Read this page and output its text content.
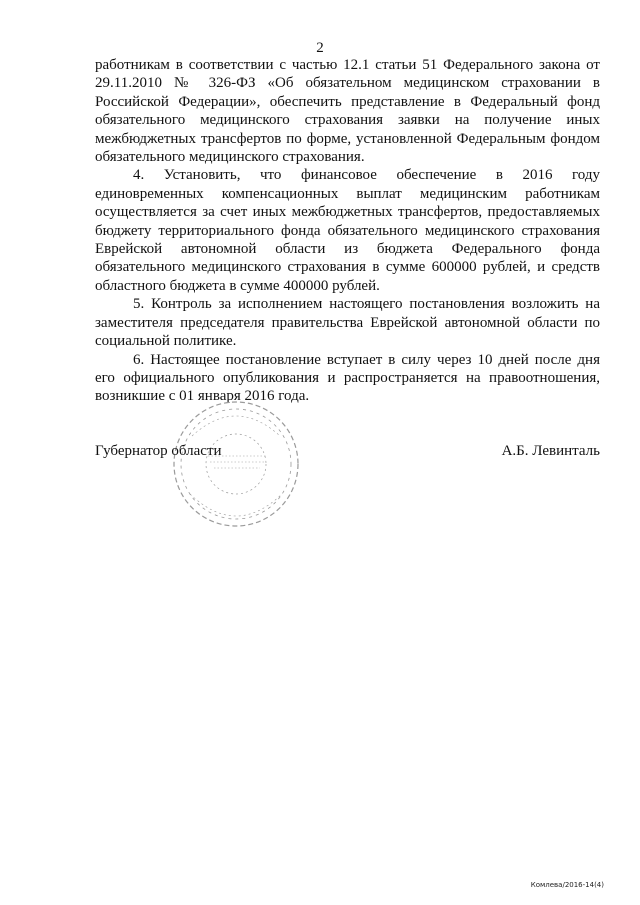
2

работникам в соответствии с частью 12.1 статьи 51 Федерального закона от 29.11.2010 № 326-ФЗ «Об обязательном медицинском страховании в Российской Федерации», обеспечить представление в Федеральный фонд обязательного медицинского страхования заявки на получение иных межбюджетных трансфертов по форме, установленной Федеральным фондом обязательного медицинского страхования.

4. Установить, что финансовое обеспечение в 2016 году единовременных компенсационных выплат медицинским работникам осуществляется за счет иных межбюджетных трансфертов, предоставляемых бюджету территориального фонда обязательного медицинского страхования Еврейской автономной области из бюджета Федерального фонда обязательного медицинского страхования в сумме 600000 рублей, и средств областного бюджета в сумме 400000 рублей.

5. Контроль за исполнением настоящего постановления возложить на заместителя председателя правительства Еврейской автономной области по социальной политике.

6. Настоящее постановление вступает в силу через 10 дней после дня его официального опубликования и распространяется на правоотношения, возникшие с 01 января 2016 года.

Губернатор области	А.Б. Левинталь
Комлева/2016-14(4)
